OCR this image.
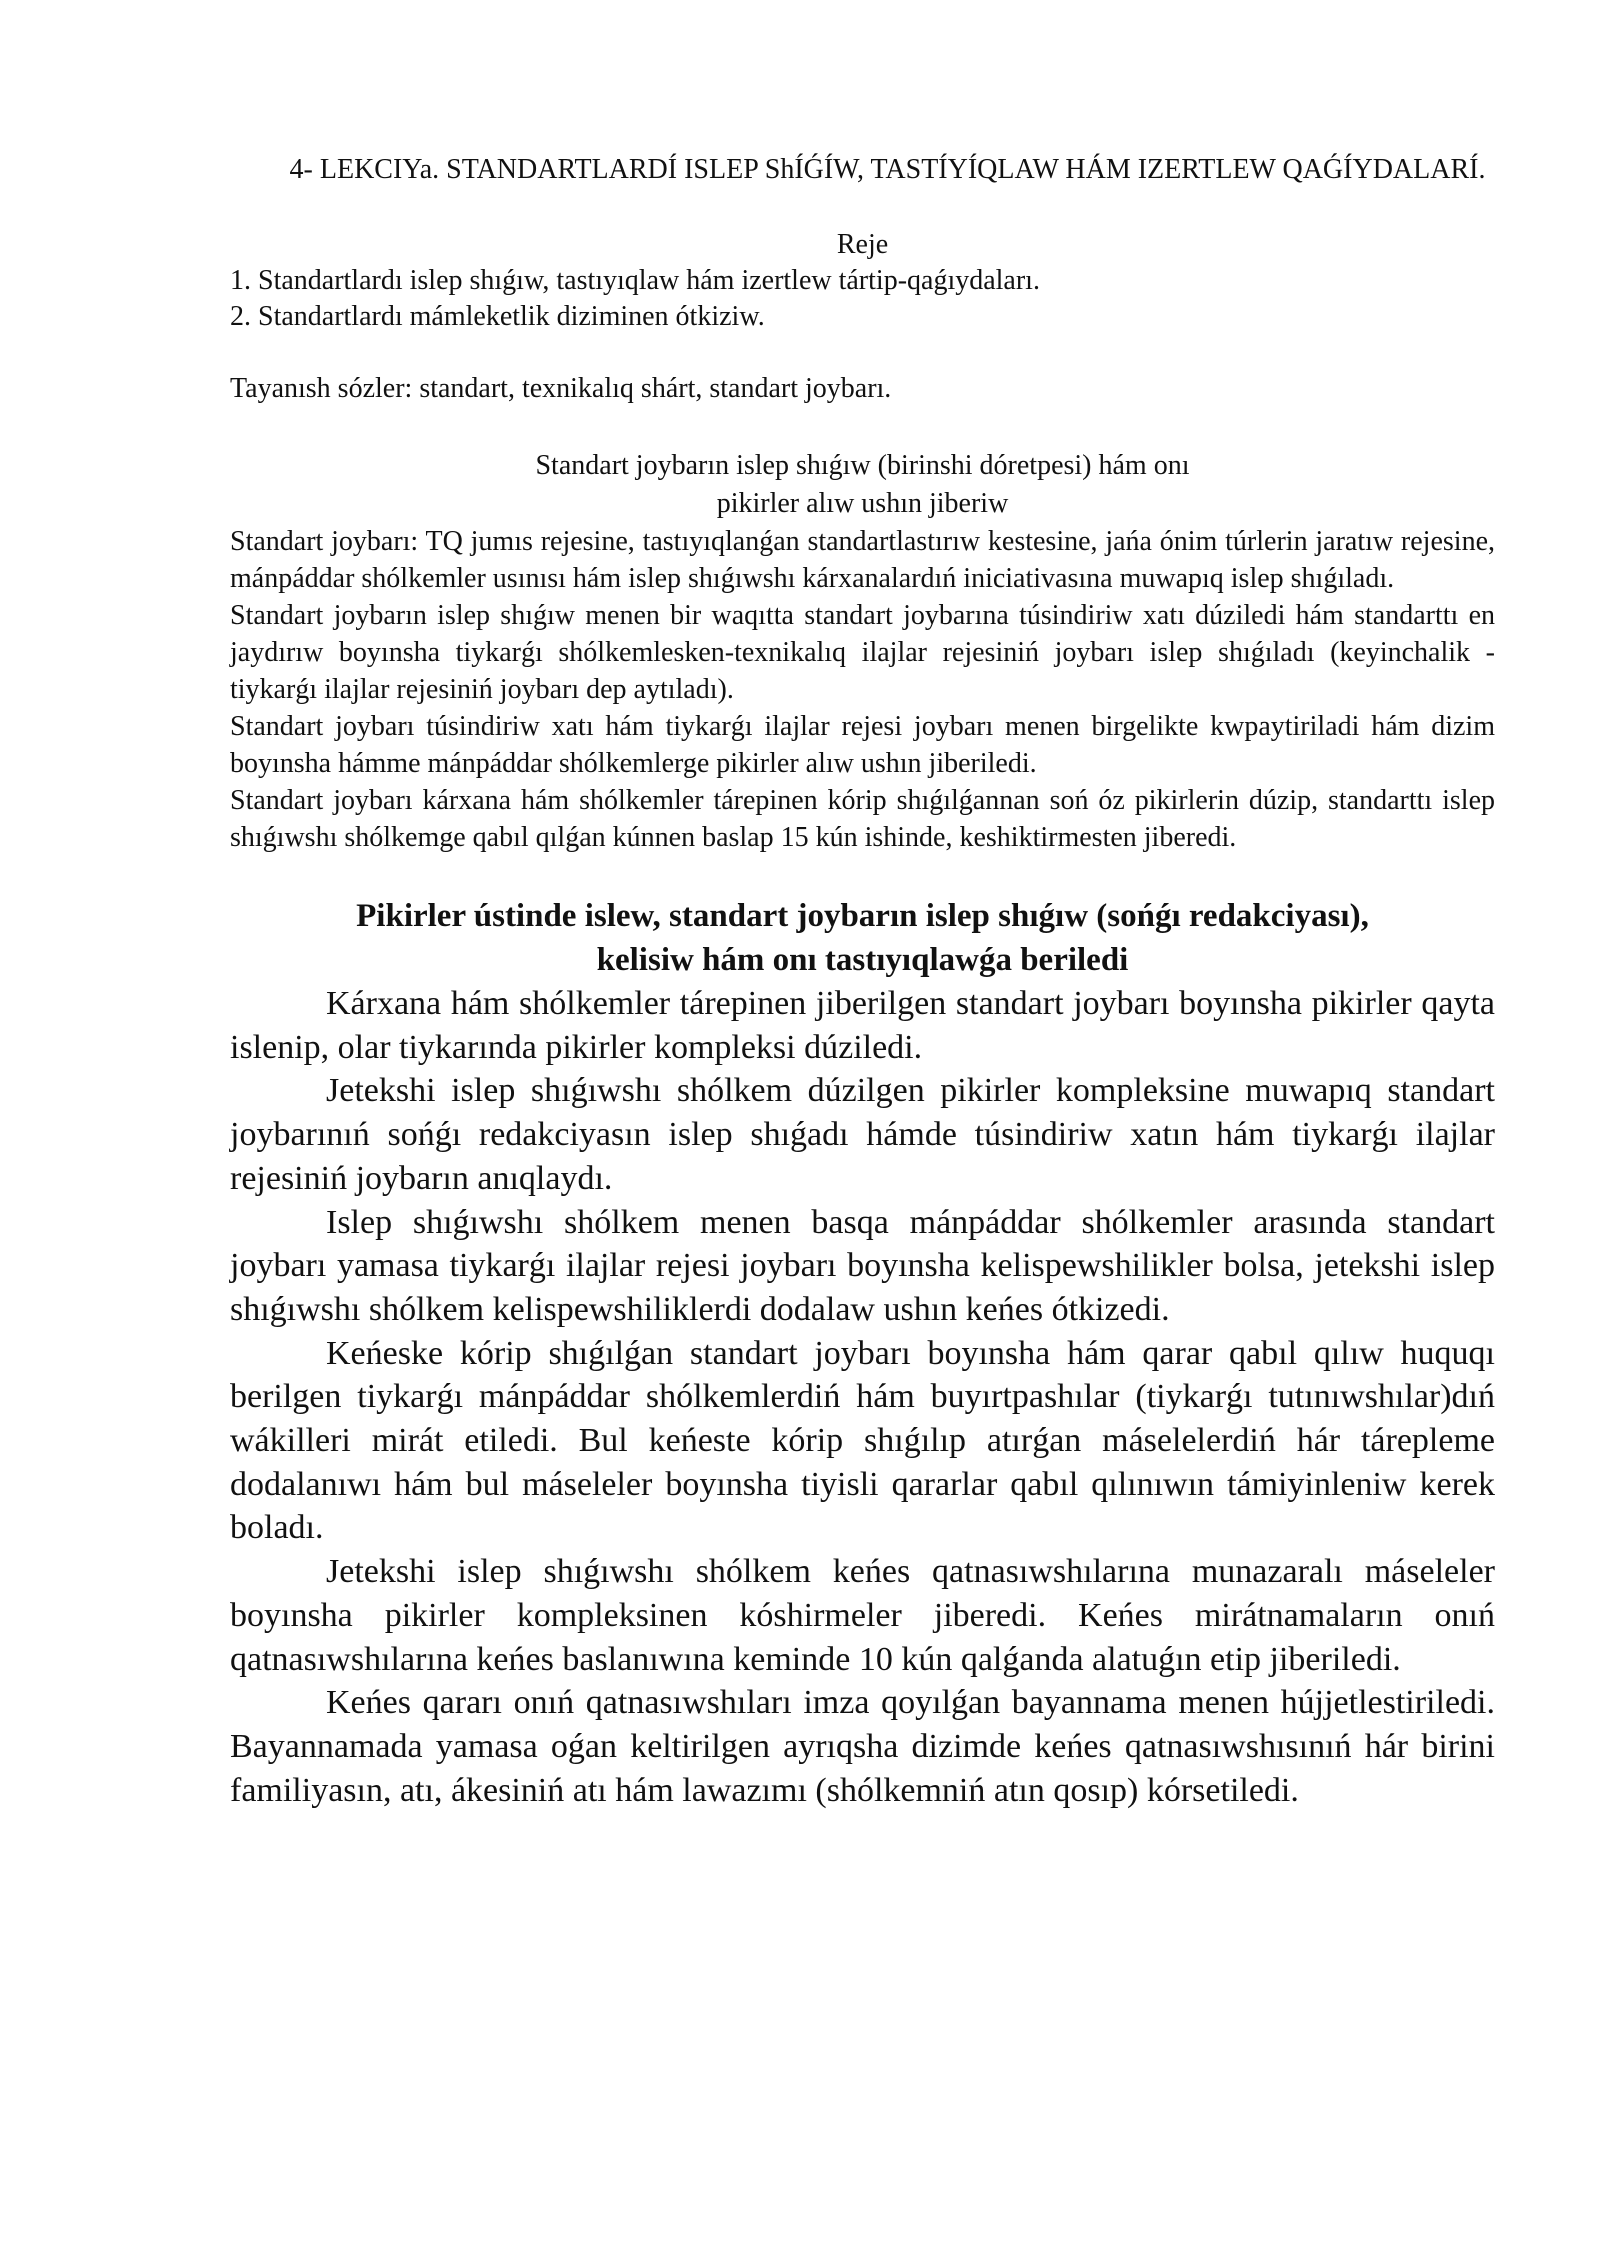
4- LEKCIYa. STANDARTLARDÍ ISLEP ShÍǴÍW, TASTÍYÍQLAW HÁM IZERTLEW QAǴÍYDALARÍ.

Reje

1. Standartlardı islep shıǵıw, tastıyıqlaw hám izertlew tártip-qaǵıydaları.

2. Standartlardı mámleketlik diziminen ótkiziw.

Tayanısh sózler: standart, texnikalıq shárt, standart joybarı.

Standart joybarın islep shıǵıw (birinshi dóretpesi) hám onı
pikirler alıw ushın jiberiw

Standart joybarı: TQ jumıs rejesine, tastıyıqlanǵan standartlastırıw kestesine, jańa ónim túrlerin jaratıw rejesine, mánpáddar shólkemler usınısı hám islep shıǵıwshı kárxanalardıń iniciativasına muwapıq islep shıǵıladı.

Standart joybarın islep shıǵıw menen bir waqıtta standart joybarına túsindiriw xatı dúziledi hám standarttı en jaydırıw boyınsha tiykarǵı shólkemlesken-texnikalıq ilajlar rejesiniń joybarı islep shıǵıladı (keyinchalik - tiykarǵı ilajlar rejesiniń joybarı dep aytıladı).

Standart joybarı túsindiriw xatı hám tiykarǵı ilajlar rejesi joybarı menen birgelikte kwpaytiriladi hám dizim boyınsha hámme mánpáddar shólkemlerge pikirler alıw ushın jiberiledi.

Standart joybarı kárxana hám shólkemler tárepinen kórip shıǵılǵannan soń óz pikirlerin dúzip, standarttı islep shıǵıwshı shólkemge qabıl qılǵan kúnnen baslap 15 kún ishinde, keshiktirmesten jiberedi.

Pikirler ústinde islew, standart joybarın islep shıǵıw (sońǵı redakciyası),
kelisiw hám onı tastıyıqlawǵa beriledi

Kárxana hám shólkemler tárepinen jiberilgen standart joybarı boyınsha pikirler qayta islenip, olar tiykarında pikirler kompleksi dúziledi.

Jetekshi islep shıǵıwshı shólkem dúzilgen pikirler kompleksine muwapıq standart joybarınıń sońǵı redakciyasın islep shıǵadı hámde túsindiriw xatın hám tiykarǵı ilajlar rejesiniń joybarın anıqlaydı.

Islep shıǵıwshı shólkem menen basqa mánpáddar shólkemler arasında standart joybarı yamasa tiykarǵı ilajlar rejesi joybarı boyınsha kelispewshilikler bolsa, jetekshi islep shıǵıwshı shólkem kelispewshiliklerdi dodalaw ushın keńes ótkizedi.

Keńeske kórip shıǵılǵan standart joybarı boyınsha hám qarar qabıl qılıw huquqı berilgen tiykarǵı mánpáddar shólkemlerdiń hám buyırtpashılar (tiykarǵı tutınıwshılar)dıń wákilleri mirát etiledi. Bul keńeste kórip shıǵılıp atırǵan máselelerdiń hár tárepleme dodalanıwı hám bul máseleler boyınsha tiyisli qararlar qabıl qılınıwın támiyinleniw kerek boladı.

Jetekshi islep shıǵıwshı shólkem keńes qatnasıwshılarına munazaralı máseleler boyınsha pikirler kompleksinen kóshirmeler jiberedi. Keńes mirátnamaların onıń qatnasıwshılarına keńes baslanıwına keminde 10 kún qalǵanda alatuǵın etip jiberiledi.

Keńes qararı onıń qatnasıwshıları imza qoyılǵan bayannama menen hújjetlestiriledi. Bayannamada yamasa oǵan keltirilgen ayrıqsha dizimde keńes qatnasıwshısınıń hár birini familiyasın, atı, ákesiniń atı hám lawazımı (shólkemniń atın qosıp) kórsetiledi.
